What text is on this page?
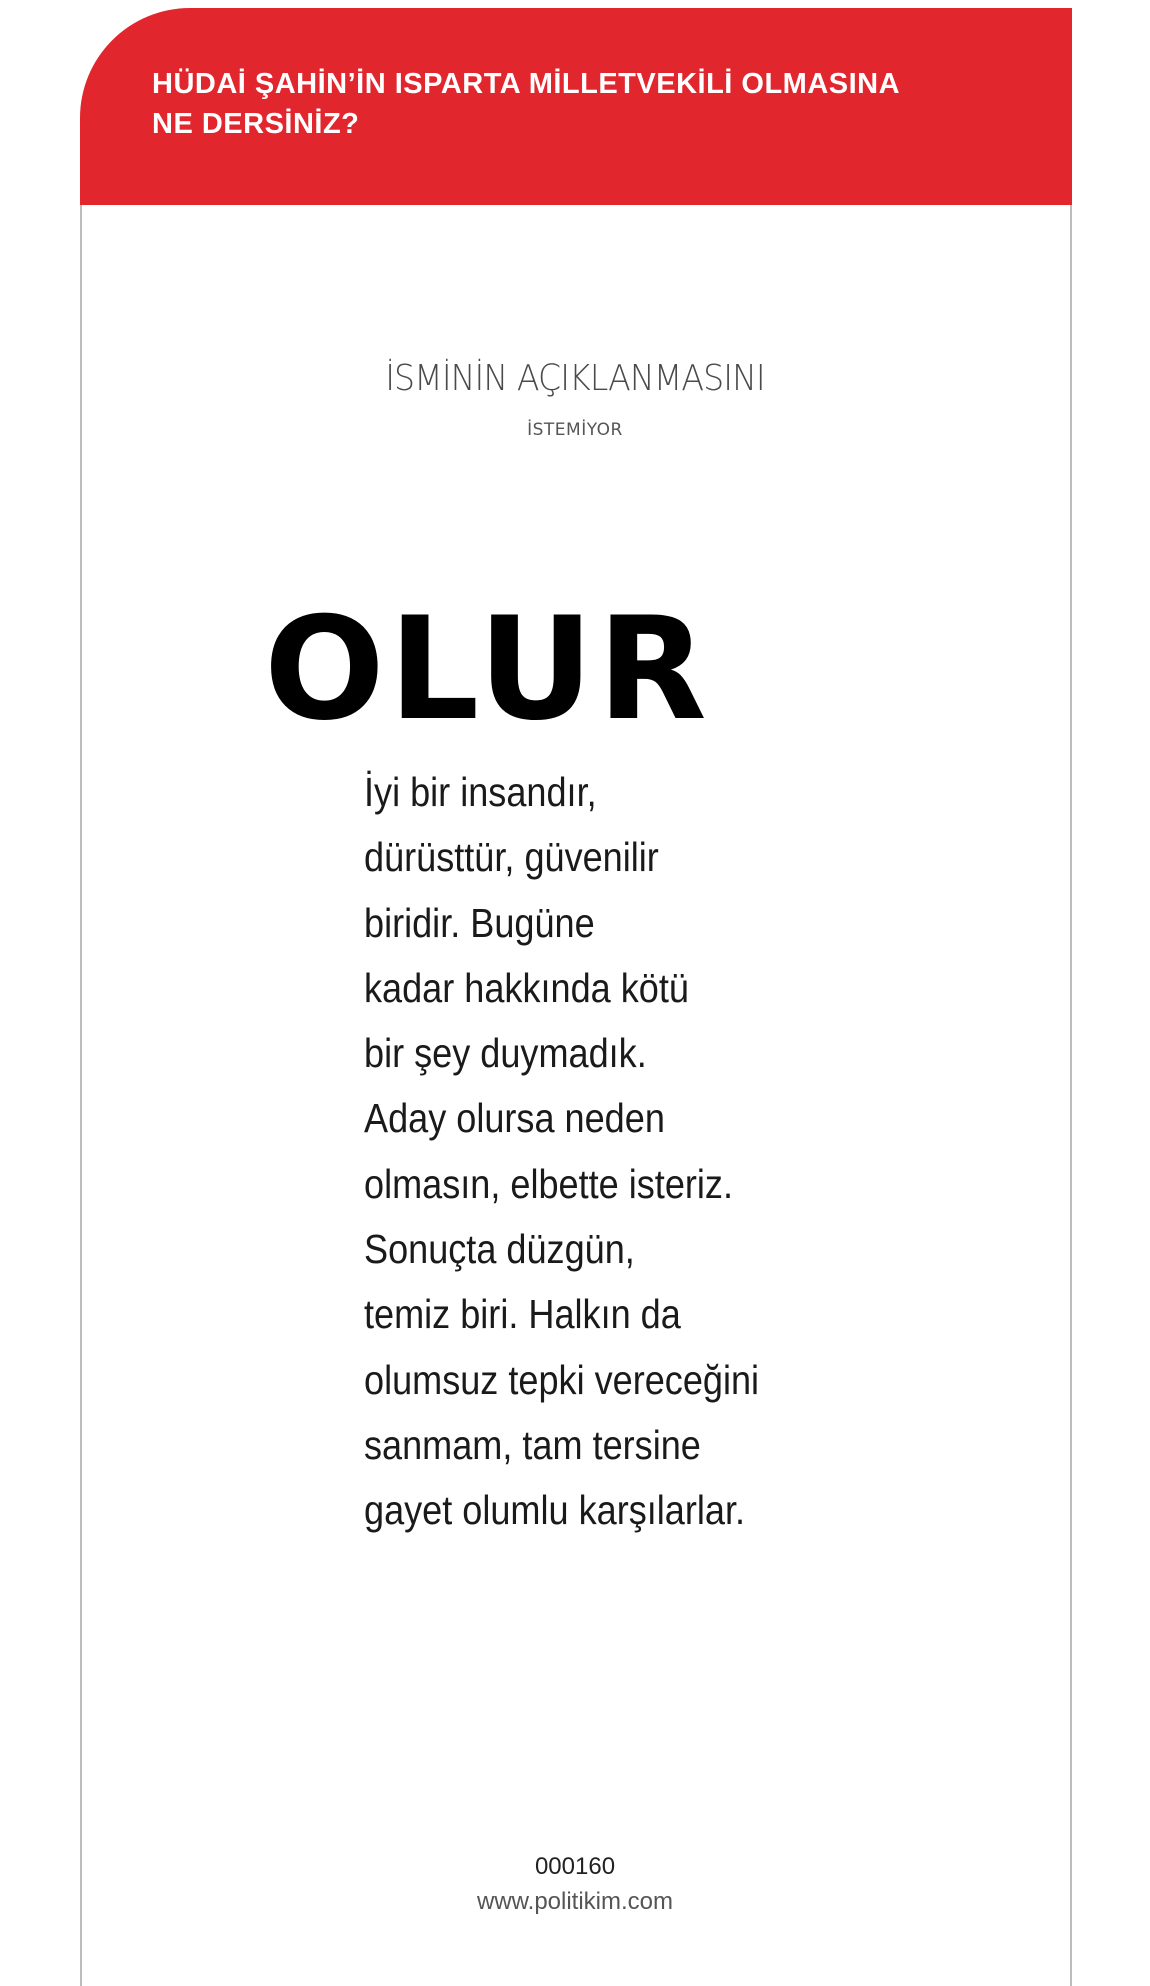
HÜDAİ ŞAHİN’İN ISPARTA MİLLETVEKİLİ OLMASINA
NE DERSİNİZ?
İSMİNİN AÇIKLANMASINI
İSTEMİYOR
OLUR
İyi bir insandır,
dürüsttür, güvenilir
biridir. Bugüne
kadar hakkında kötü
bir şey duymadık.
Aday olursa neden
olmasın, elbette isteriz.
Sonuçta düzgün,
temiz biri. Halkın da
olumsuz tepki vereceğini
sanmam, tam tersine
gayet olumlu karşılarlar.
000160
www.politikim.com
